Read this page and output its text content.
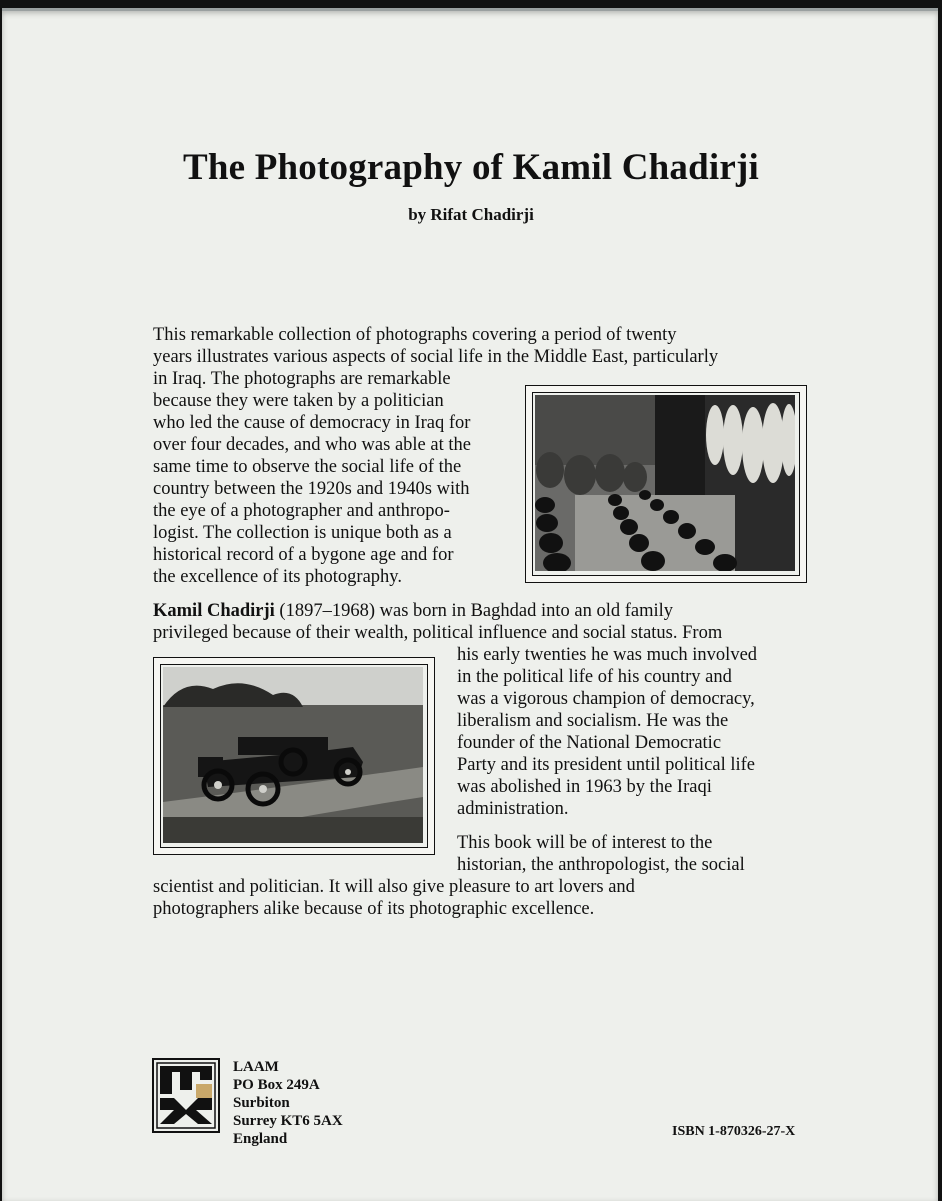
The Photography of Kamil Chadirji
by Rifat Chadirji
This remarkable collection of photographs covering a period of twenty
years illustrates various aspects of social life in the Middle East, particularly
in Iraq. The photographs are remarkable
because they were taken by a politician
who led the cause of democracy in Iraq for
over four decades, and who was able at the
same time to observe the social life of the
country between the 1920s and 1940s with
the eye of a photographer and anthropo-
logist. The collection is unique both as a
historical record of a bygone age and for
the excellence of its photography.
Kamil Chadirji (1897–1968) was born in Baghdad into an old family
privileged because of their wealth, political influence and social status. From
his early twenties he was much involved
in the political life of his country and
was a vigorous champion of democracy,
liberalism and socialism. He was the
founder of the National Democratic
Party and its president until political life
was abolished in 1963 by the Iraqi
administration.
This book will be of interest to the
historian, the anthropologist, the social
scientist and politician. It will also give pleasure to art lovers and
photographers alike because of its photographic excellence.
LAAM
PO Box 249A
Surbiton
Surrey KT6 5AX
England	ISBN 1-870326-27-X
